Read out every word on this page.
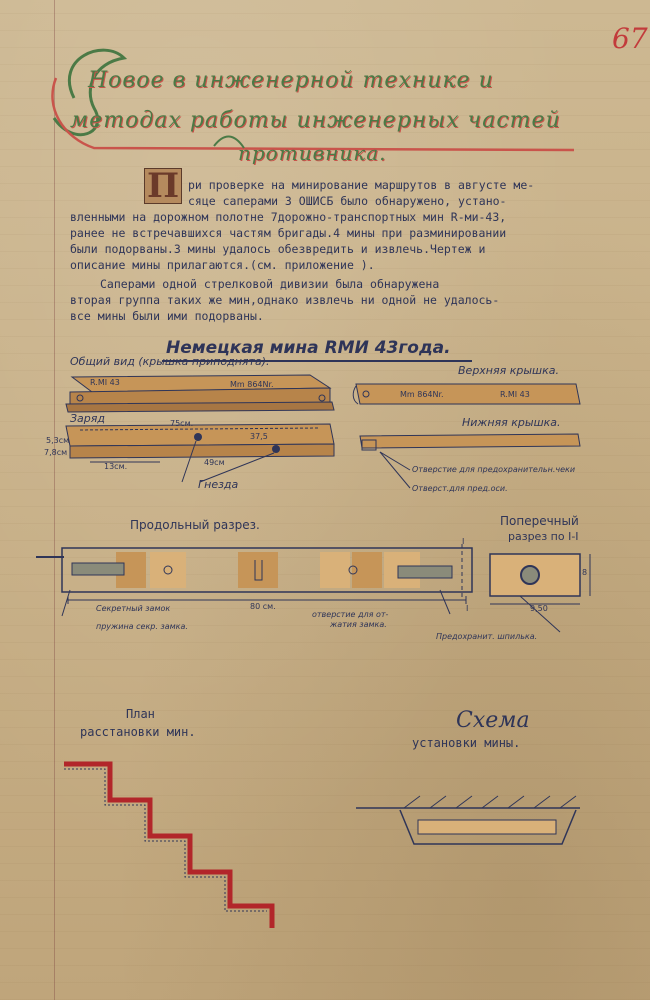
67
Новое в инженерной технике и
методах работы инженерных частей
противника.
П ри проверке на минирование маршрутов в августе ме-
сяце саперами 3 ОШИСБ было обнаружено, устано-
вленными на дорожном полотне 7дорожно-транспортных мин R-ми-43,
ранее не встречавшихся частям бригады.4 мины при разминировании
были подорваны.3 мины удалось обезвредить и извлечь.Чертеж и
описание мины прилагаются.(см. приложение ).
Саперами одной стрелковой дивизии была обнаружена
вторая группа таких же мин,однако извлечь ни одной не удалось-
все мины были ими подорваны.
Немецкая мина RМИ 43года.
Общий вид (крышка приподнята).
Верхняя крышка.
R.MI 43	Mm 864Nr.
R.MI 43
Mm 864Nr.
Заряд	Нижняя крышка.
75см.
37,5
49см
13см.
5,3см
7,8см
Гнезда
Отверстие для предохранительн.чеки
Отверст.для пред.оси.
Продольный разрез.	Поперечный
разрез по I-I
I
I
8
9,50
80 см.
Секретный замок
пружина секр. замка.
отверстие для от-
жатия замка.
Предохранит. шпилька.
План
расстановки мин.	Схема
установки мины.
